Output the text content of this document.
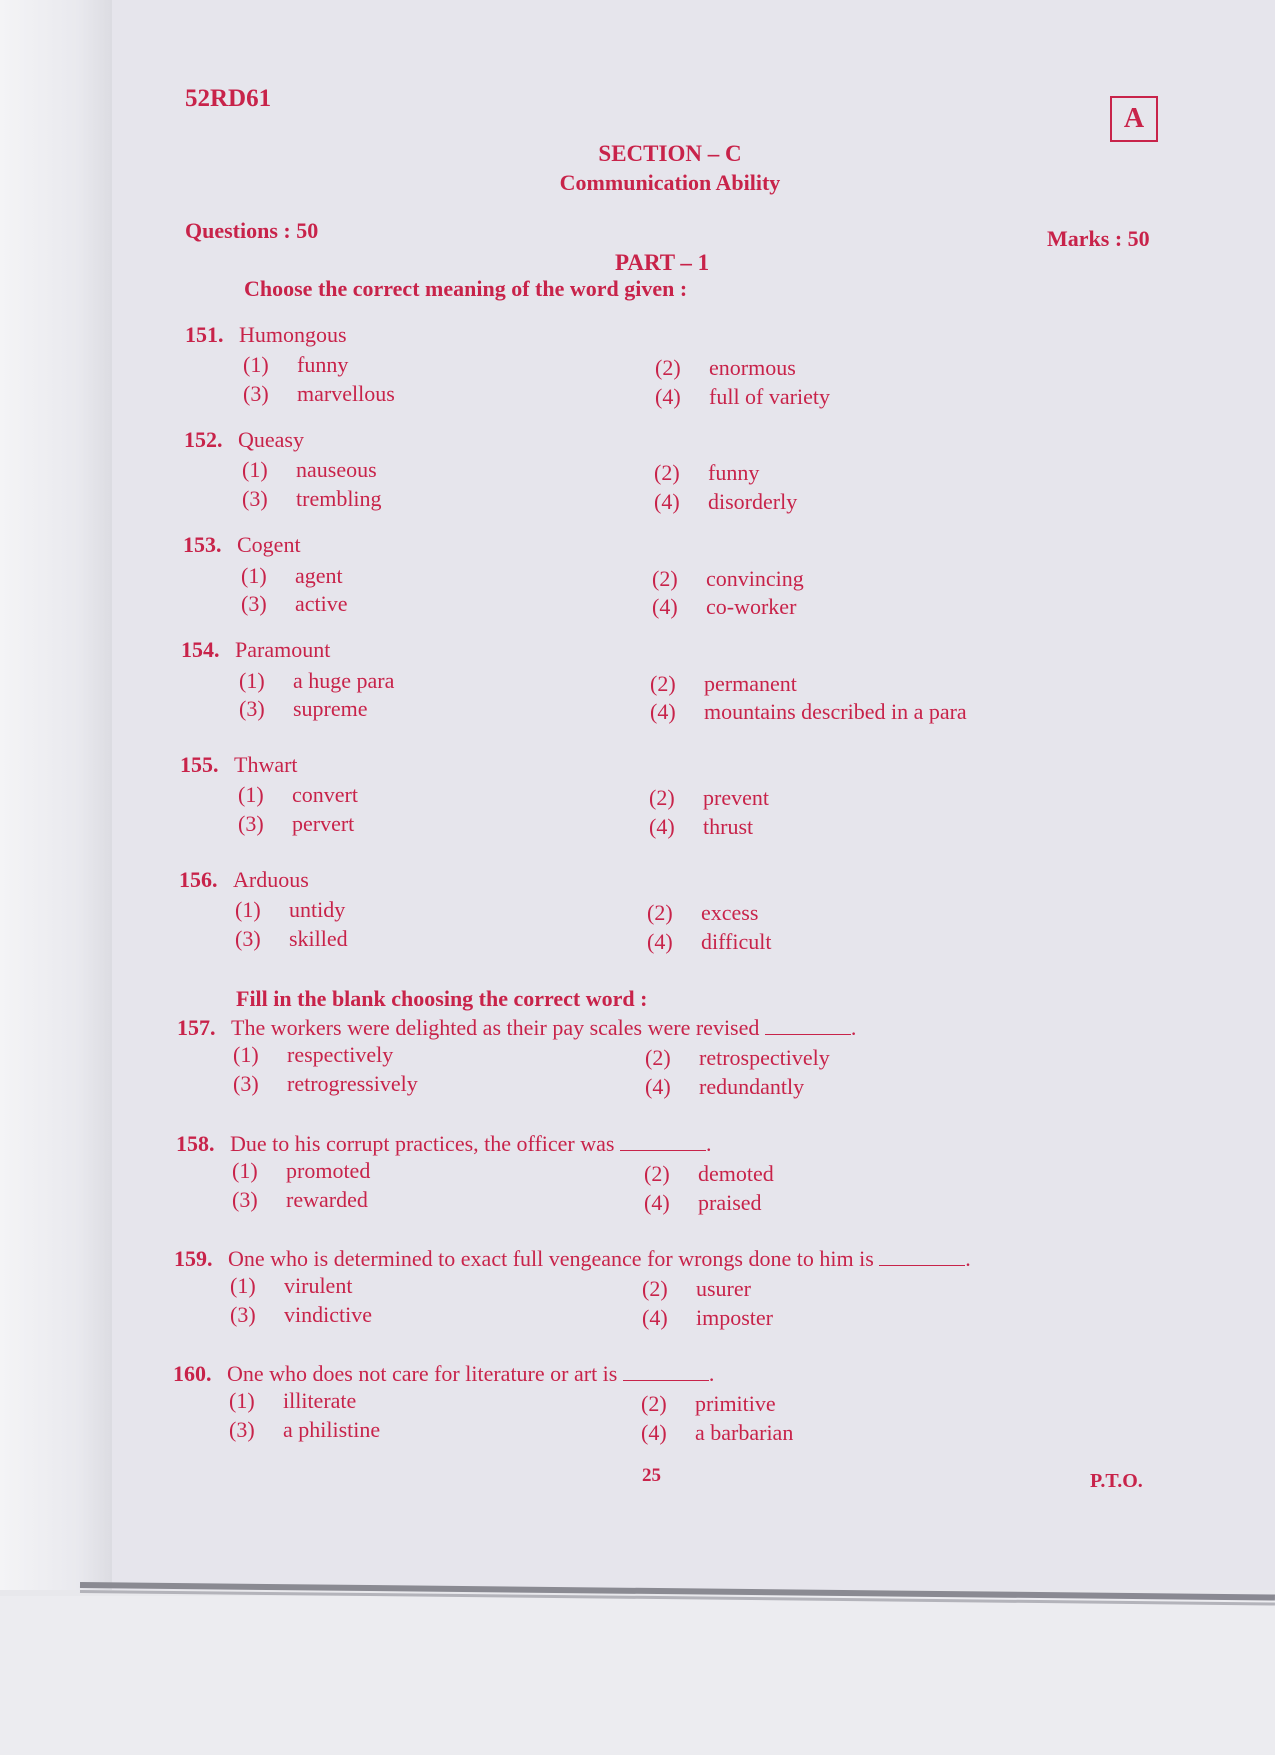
52RD61
A
SECTION – C
Communication Ability
Questions : 50	Marks : 50
PART – 1
Choose the correct meaning of the word given :
Fill in the blank choosing the correct word :
151. Humongous
(1) funny	(2) enormous
(3) marvellous	(4) full of variety
152. Queasy
(1) nauseous	(2) funny
(3) trembling	(4) disorderly
153. Cogent
(1) agent	(2) convincing
(3) active	(4) co-worker
154. Paramount
(1) a huge para	(2) permanent
(3) supreme	(4) mountains described in a para
155. Thwart
(1) convert	(2) prevent
(3) pervert	(4) thrust
156. Arduous
(1) untidy	(2) excess
(3) skilled	(4) difficult
157. The workers were delighted as their pay scales were revised	.
(1) respectively	(2) retrospectively
(3) retrogressively	(4) redundantly
158. Due to his corrupt practices, the officer was	.
(1) promoted	(2) demoted
(3) rewarded	(4) praised
159. One who is determined to exact full vengeance for wrongs done to him is	.
(1) virulent	(2) usurer
(3) vindictive	(4) imposter
160. One who does not care for literature or art is	.
(1) illiterate	(2) primitive
(3) a philistine	(4) a barbarian
25	P.T.O.
